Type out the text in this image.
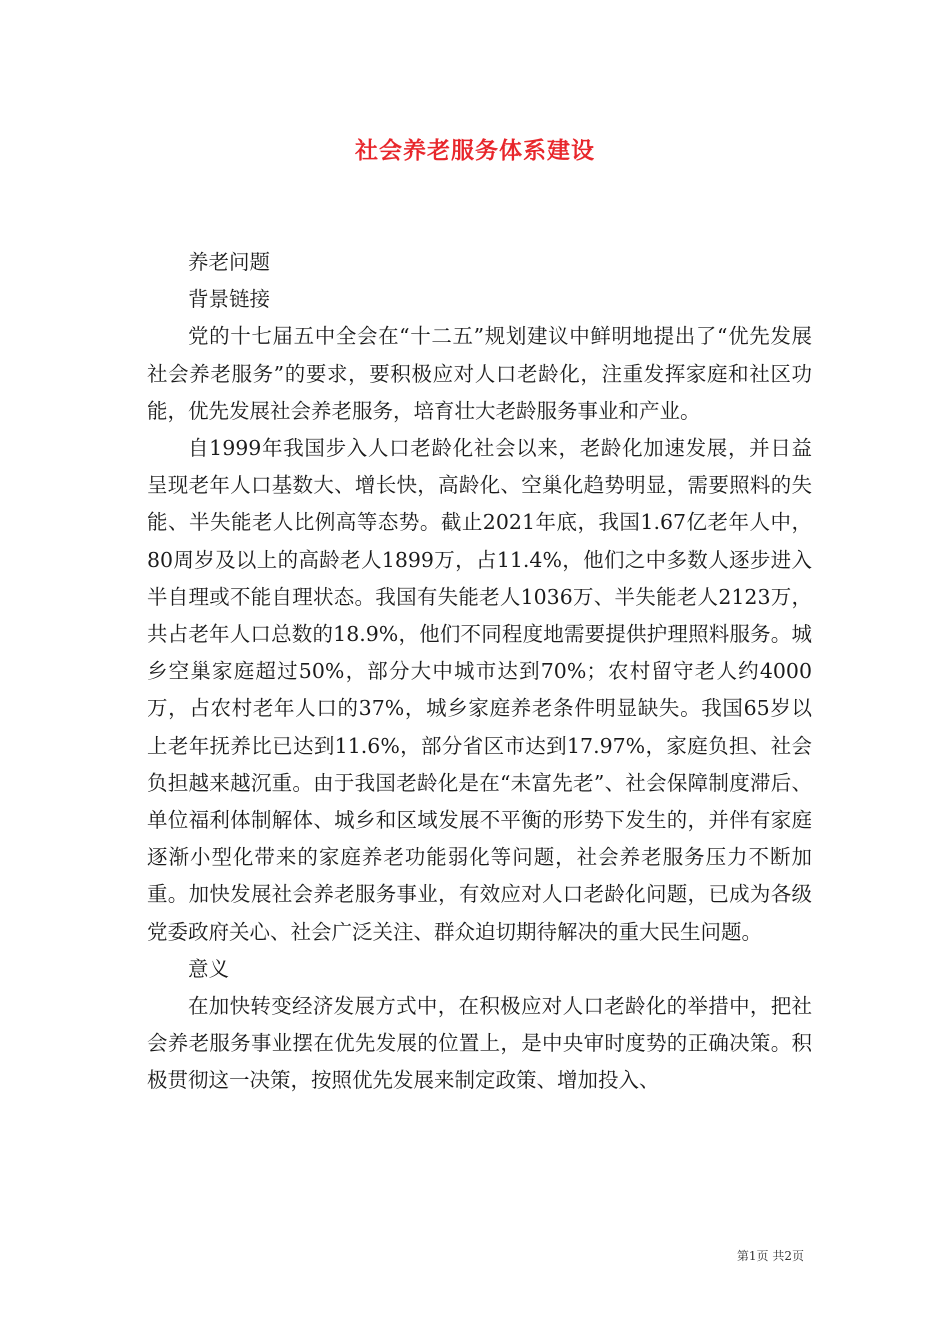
社会养老服务体系建设

养老问题

背景链接

党的十七届五中全会在“十二五”规划建议中鲜明地提出了“优先发展社会养老服务”的要求，要积极应对人口老龄化，注重发挥家庭和社区功能，优先发展社会养老服务，培育壮大老龄服务事业和产业。

自1999年我国步入人口老龄化社会以来，老龄化加速发展，并日益呈现老年人口基数大、增长快，高龄化、空巢化趋势明显，需要照料的失能、半失能老人比例高等态势。截止2021年底，我国1.67亿老年人中，80周岁及以上的高龄老人1899万，占11.4%，他们之中多数人逐步进入半自理或不能自理状态。我国有失能老人1036万、半失能老人2123万，共占老年人口总数的18.9%，他们不同程度地需要提供护理照料服务。城乡空巢家庭超过50%，部分大中城市达到70%；农村留守老人约4000万，占农村老年人口的37%，城乡家庭养老条件明显缺失。我国65岁以上老年抚养比已达到11.6%，部分省区市达到17.97%，家庭负担、社会负担越来越沉重。由于我国老龄化是在“未富先老”、社会保障制度滞后、单位福利体制解体、城乡和区域发展不平衡的形势下发生的，并伴有家庭逐渐小型化带来的家庭养老功能弱化等问题，社会养老服务压力不断加重。加快发展社会养老服务事业，有效应对人口老龄化问题，已成为各级党委政府关心、社会广泛关注、群众迫切期待解决的重大民生问题。

意义

在加快转变经济发展方式中，在积极应对人口老龄化的举措中，把社会养老服务事业摆在优先发展的位置上，是中央审时度势的正确决策。积极贯彻这一决策，按照优先发展来制定政策、增加投入、

第1页 共2页
